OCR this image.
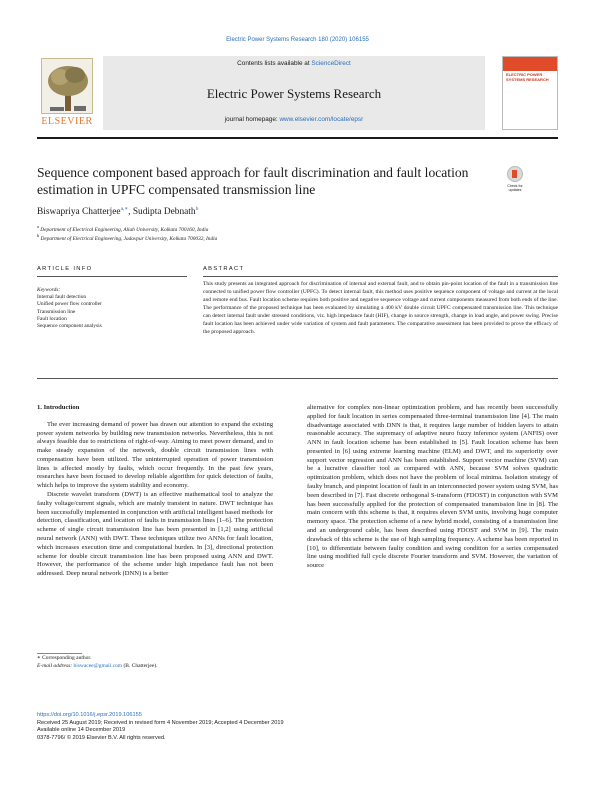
Electric Power Systems Research 180 (2020) 106155
ELSEVIER
Contents lists available at ScienceDirect
Electric Power Systems Research
journal homepage: www.elsevier.com/locate/epsr
ELECTRIC POWER SYSTEMS RESEARCH
Sequence component based approach for fault discrimination and fault location estimation in UPFC compensated transmission line	Check for updates
Biswapriya Chatterjee$^{a,∗}$, Sudipta Debnath$^b$
$^a$ Department of Electrical Engineering, Aliah University, Kolkata 700160, India
$^b$ Department of Electrical Engineering, Jadavpur University, Kolkata 700032, India
ARTICLE INFO	ABSTRACT
Keywords:
Internal fault detection
Unified power flow controller
Transmission line
Fault location
Sequence component analysis
This study presents an integrated approach for discrimination of internal and external fault, and to obtain pin-point location of the fault in a transmission line connected to unified power flow controller (UPFC). To detect internal fault, this method uses positive sequence component of voltage and current at the local and remote end bus. Fault location scheme requires both positive and negative sequence voltage and current components measured from both ends of the line. The performance of the proposed technique has been evaluated by simulating a 400 kV double circuit UPFC compensated transmission line. This technique can detect internal fault under stressed conditions, viz. high impedance fault (HIF), change in source strength, change in load angle, and power swing. Precise fault location has been achieved under wide variation of system and fault parameters. The comparative assessment has been provided to prove the efficacy of the proposed approach.

1. Introduction

The ever increasing demand of power has drawn our attention to expand the existing power system networks by building new transmission networks. Nevertheless, this is not always feasible due to restrictions of right-of-way. Aiming to meet power demand, and to make steady expansion of the network, double circuit transmission lines with compensation have been utilized. The uninterrupted operation of power transmission lines is affected mostly by faults, which occur frequently. In the past few years, researches have been focused to develop reliable algorithm for quick detection of faults, which helps to improve the system stability and economy.

Discrete wavelet transform (DWT) is an effective mathematical tool to analyze the faulty voltage/current signals, which are mainly transient in nature. DWT technique has been successfully implemented in conjunction with artificial intelligent based methods for detection, classification, and location of faults in transmission lines [1–6]. The protection scheme of single circuit transmission line has been presented in [1,2] using artificial neural network (ANN) with DWT. These techniques utilize two ANNs for fault location, which increases execution time and computational burden. In [3], directional protection scheme for double circuit transmission line has been proposed using ANN and DWT. However, the performance of the scheme under high impedance fault has not been addressed. Deep neural network (DNN) is a better

alternative for complex non-linear optimization problem, and has recently been successfully applied for fault location in series compensated three-terminal transmission line [4]. The main disadvantage associated with DNN is that, it requires large number of hidden layers to attain reasonable accuracy. The supremacy of adaptive neuro fuzzy inference system (ANFIS) over ANN in fault location scheme has been established in [5]. Fault location scheme has been presented in [6] using extreme learning machine (ELM) and DWT, and its superiority over support vector regression and ANN has been established. Support vector machine (SVM) can be a lucrative classifier tool as compared with ANN, because SVM solves quadratic optimization problem, which does not have the problem of local minima. Isolation strategy of faulty branch, and pinpoint location of fault in an interconnected power system using SVM, has been described in [7]. Fast discrete orthogonal S-transform (FDOST) in conjunction with SVM has been successfully applied for the protection of compensated transmission line in [8]. The main concern with this scheme is that, it requires eleven SVM units, involving huge computer memory space. The protection scheme of a new hybrid model, consisting of a transmission line and an underground cable, has been described using FDOST and SVM in [9]. The main drawback of this scheme is the use of high sampling frequency. A scheme has been reported in [10], to differentiate between faulty condition and swing condition for a series compensated line using modified full cycle discrete Fourier transform and SVM. However, the variation of source

∗ Corresponding author.
E-mail address: biswacee@gmail.com (B. Chatterjee).
https://doi.org/10.1016/j.epsr.2019.106155
Received 25 August 2019; Received in revised form 4 November 2019; Accepted 4 December 2019
Available online 14 December 2019
0378-7796/ © 2019 Elsevier B.V. All rights reserved.
